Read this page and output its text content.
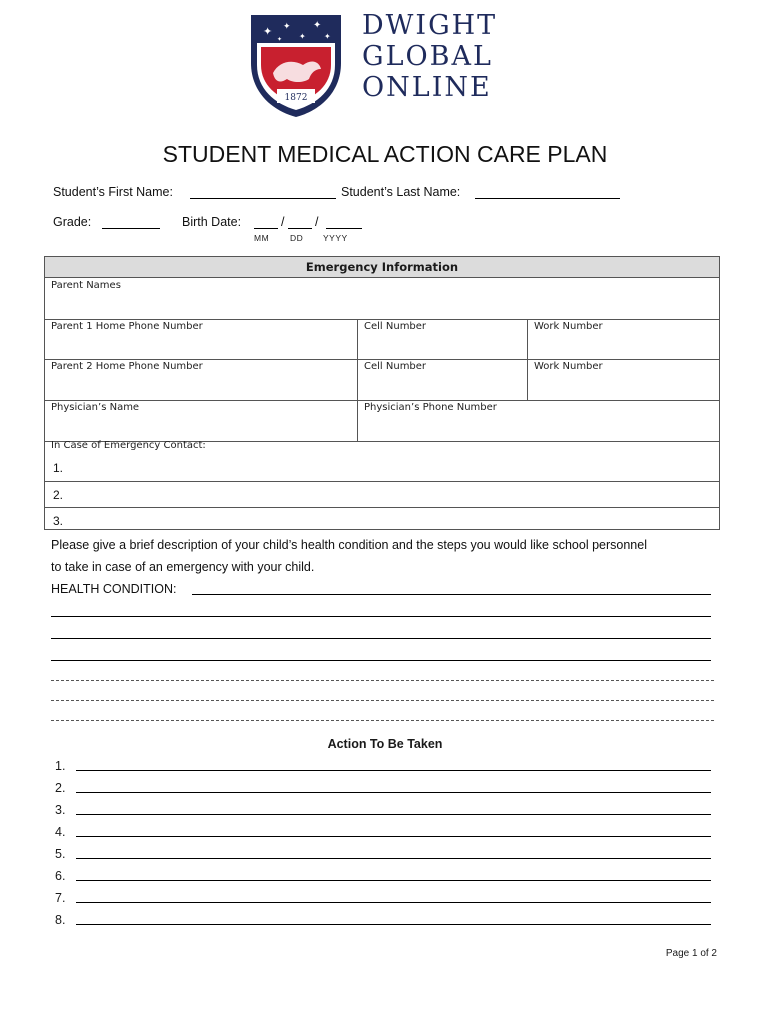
✦ ✦
✦
✦
✦
✦
1872
DWIGHT
GLOBAL
ONLINE
STUDENT MEDICAL ACTION CARE PLAN
Student’s First Name:	Student’s Last Name:
Grade:	Birth Date:	/ /
MM DD YYYY
Emergency Information
Parent Names
Parent 1 Home Phone Number	Cell Number	Work Number
Parent 2 Home Phone Number	Cell Number	Work Number
Physician’s Name	Physician’s Phone Number
In Case of Emergency Contact:
1.
2.
3.
Please give a brief description of your child’s health condition and the steps you would like school personnel
to take in case of an emergency with your child.
HEALTH CONDITION:
Action To Be Taken
1.
2.
3.
4.
5.
6.
7.
8.
Page 1 of 2
